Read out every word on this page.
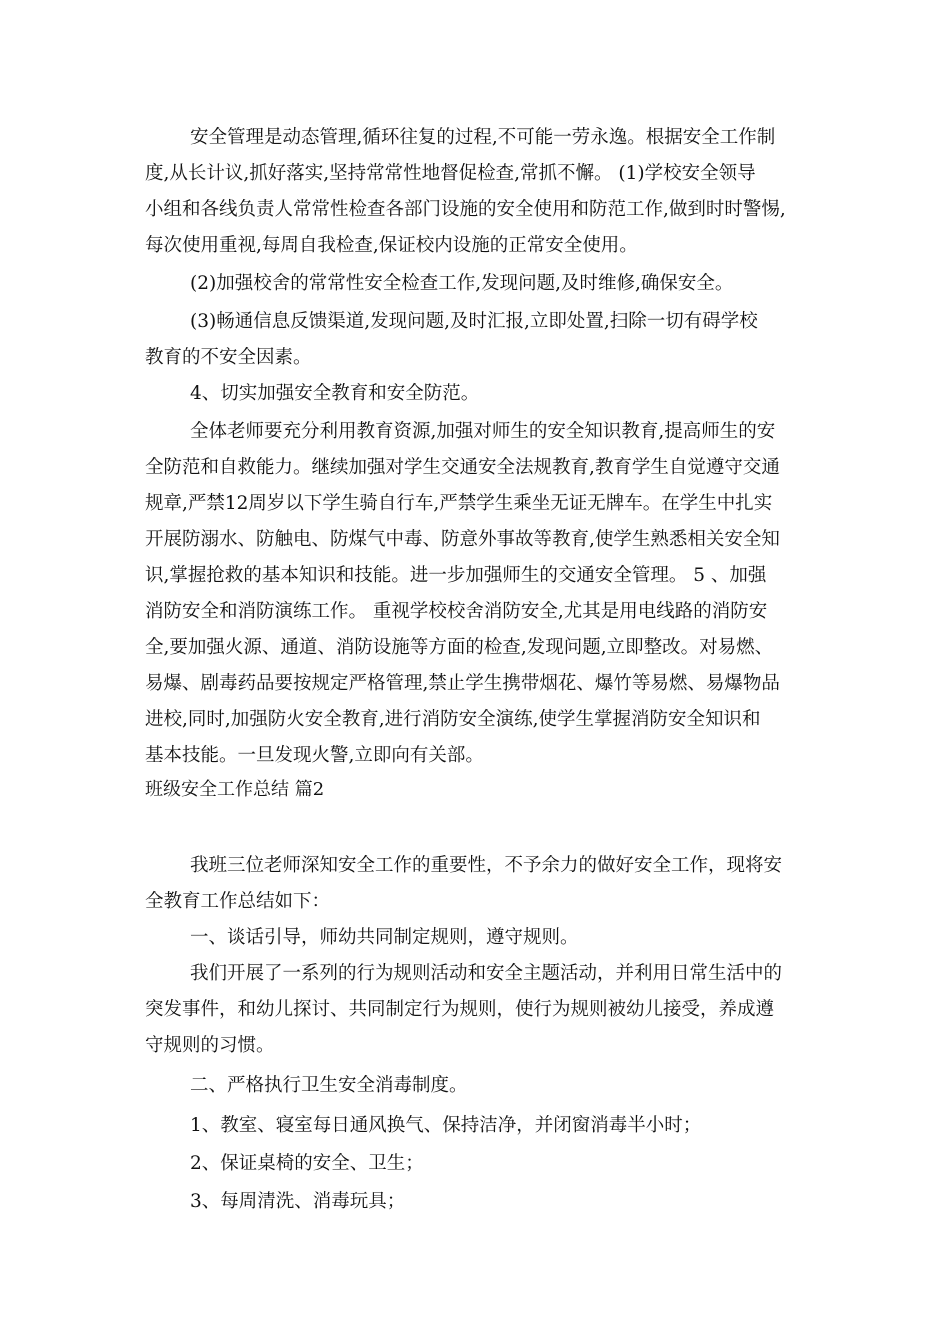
安全管理是动态管理,循环往复的过程,不可能一劳永逸。根据安全工作制
度,从长计议,抓好落实,坚持常常性地督促检查,常抓不懈。 (1)学校安全领导
小组和各线负责人常常性检查各部门设施的安全使用和防范工作,做到时时警惕,
每次使用重视,每周自我检查,保证校内设施的正常安全使用。
(2)加强校舍的常常性安全检查工作,发现问题,及时维修,确保安全。
(3)畅通信息反馈渠道,发现问题,及时汇报,立即处置,扫除一切有碍学校
教育的不安全因素。
4、切实加强安全教育和安全防范。
全体老师要充分利用教育资源,加强对师生的安全知识教育,提高师生的安
全防范和自救能力。继续加强对学生交通安全法规教育,教育学生自觉遵守交通
规章,严禁12周岁以下学生骑自行车,严禁学生乘坐无证无牌车。在学生中扎实
开展防溺水、防触电、防煤气中毒、防意外事故等教育,使学生熟悉相关安全知
识,掌握抢救的基本知识和技能。进一步加强师生的交通安全管理。 5 、加强
消防安全和消防演练工作。 重视学校校舍消防安全,尤其是用电线路的消防安
全,要加强火源、通道、消防设施等方面的检查,发现问题,立即整改。对易燃、
易爆、剧毒药品要按规定严格管理,禁止学生携带烟花、爆竹等易燃、易爆物品
进校,同时,加强防火安全教育,进行消防安全演练,使学生掌握消防安全知识和
基本技能。一旦发现火警,立即向有关部。
班级安全工作总结 篇2
我班三位老师深知安全工作的重要性，不予余力的做好安全工作，现将安
全教育工作总结如下：
一、谈话引导，师幼共同制定规则，遵守规则。
我们开展了一系列的行为规则活动和安全主题活动，并利用日常生活中的
突发事件，和幼儿探讨、共同制定行为规则，使行为规则被幼儿接受，养成遵
守规则的习惯。
二、严格执行卫生安全消毒制度。
1、教室、寝室每日通风换气、保持洁净，并闭窗消毒半小时；
2、保证桌椅的安全、卫生；
3、每周清洗、消毒玩具；
